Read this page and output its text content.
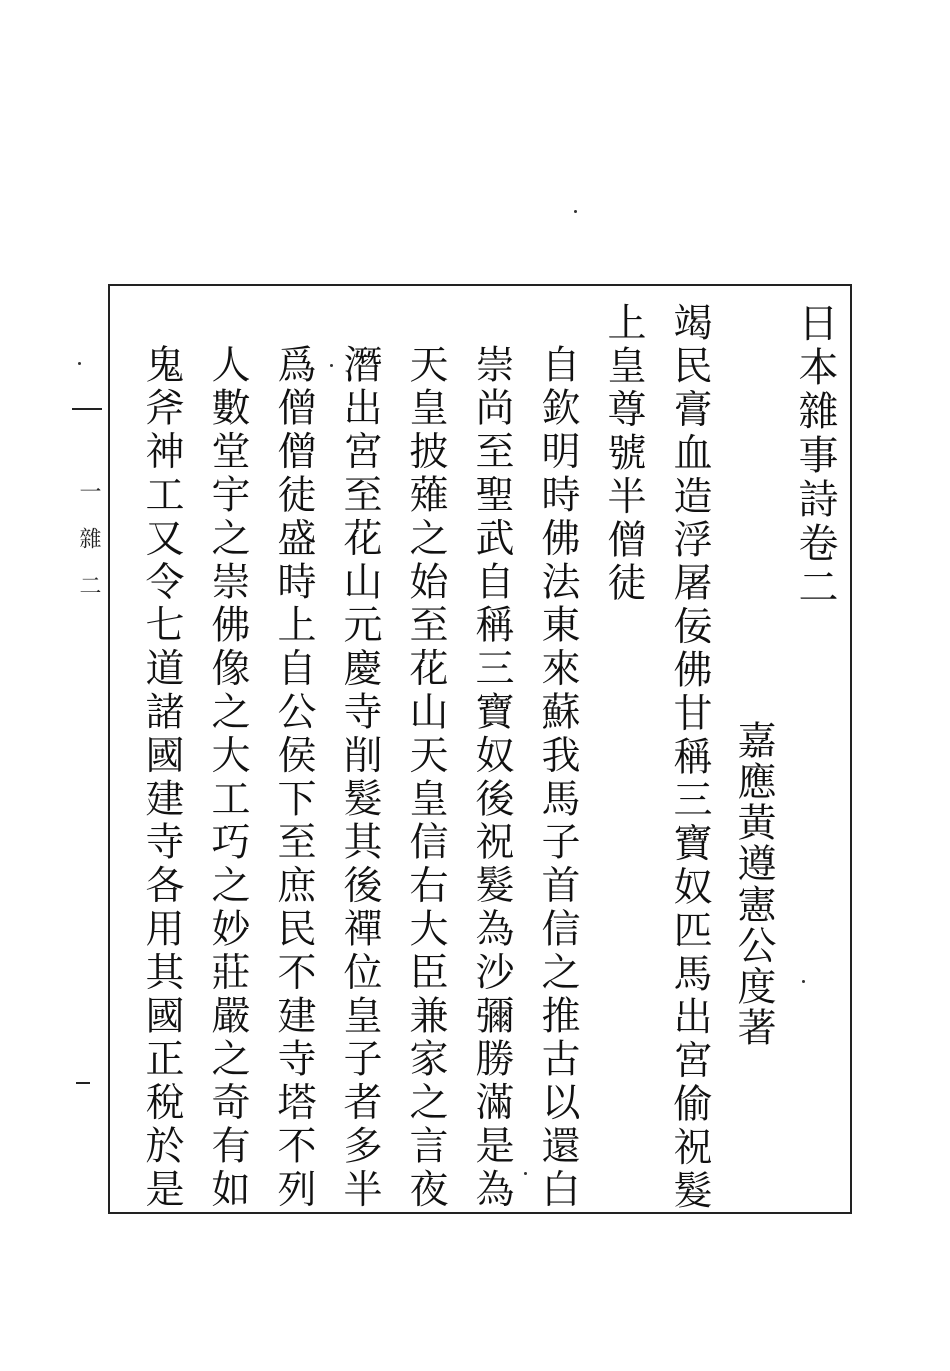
一 雜 二	日本雜事詩卷二
嘉應黃遵憲公度著
竭民膏血造浮屠佞佛甘稱三寶奴匹馬出宮偷祝髮
上皇尊號半僧徒
自欽明時佛法東來蘇我馬子首信之推古以還白
崇尚至聖武自稱三寶奴後祝髮為沙彌勝滿是為
天皇披薙之始至花山天皇信右大臣兼家之言夜
潛出宮至花山元慶寺削髮其後禪位皇子者多半
爲僧僧徒盛時上自公侯下至庶民不建寺塔不列
人數堂宇之崇佛像之大工巧之妙莊嚴之奇有如
鬼斧神工又令七道諸國建寺各用其國正稅於是
